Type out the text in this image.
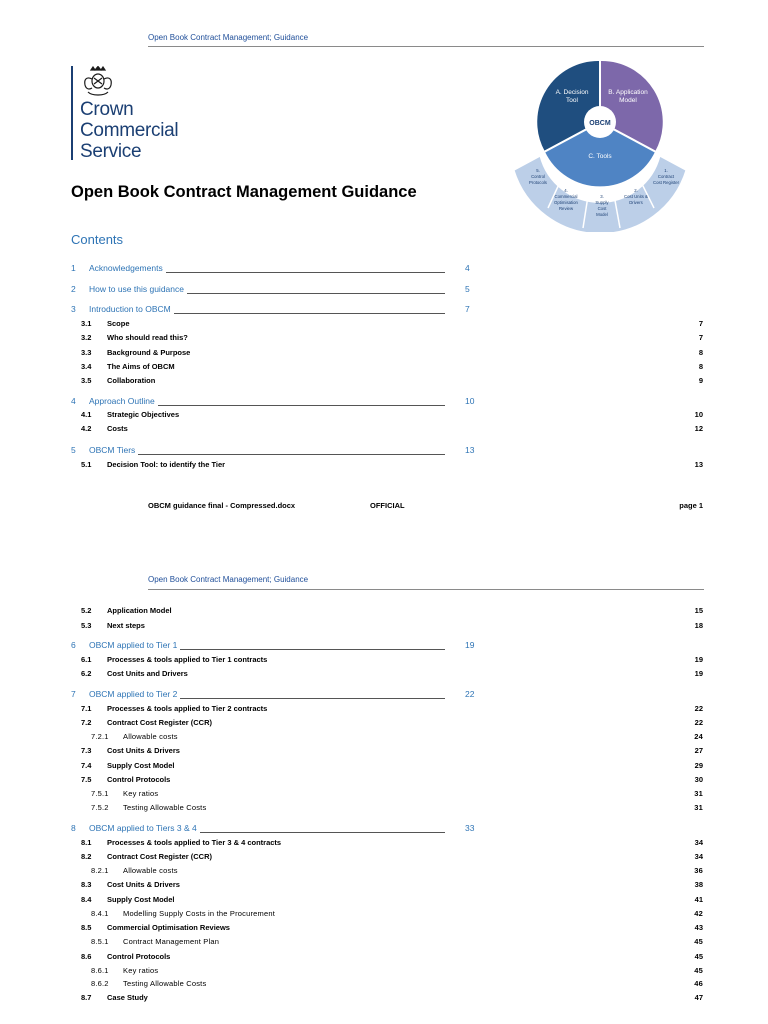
Open Book Contract Management; Guidance
Crown
Commercial
Service
Open Book Contract Management Guidance
Contents
OBCM
A. Decision
Tool
B. Application
Model
C. Tools
5.
Control
Protocols
4.
Commercial
Optimisation
Review
3.
Supply
Cost
Model
2.
Cost Units &
Drivers
1.
Contract
Cost Register
1 Acknowledgements	4
2 How to use this guidance	5
3 Introduction to OBCM	7
3.1 Scope	7
3.2 Who should read this?	7
3.3 Background & Purpose	8
3.4 The Aims of OBCM	8
3.5 Collaboration	9
4 Approach Outline	10
4.1 Strategic Objectives	10
4.2 Costs	12
5 OBCM Tiers	13
5.1 Decision Tool: to identify the Tier	13
OBCM guidance final - Compressed.docx	OFFICIAL	page 1
Open Book Contract Management; Guidance
5.2 Application Model	15
5.3 Next steps	18
6 OBCM applied to Tier 1	19
6.1 Processes & tools applied to Tier 1 contracts	19
6.2 Cost Units and Drivers	19
7 OBCM applied to Tier 2	22
7.1 Processes & tools applied to Tier 2 contracts	22
7.2 Contract Cost Register (CCR)	22
7.2.1 Allowable costs	24
7.3 Cost Units & Drivers	27
7.4 Supply Cost Model	29
7.5 Control Protocols	30
7.5.1 Key ratios	31
7.5.2 Testing Allowable Costs	31
8 OBCM applied to Tiers 3 & 4	33
8.1 Processes & tools applied to Tier 3 & 4 contracts	34
8.2 Contract Cost Register (CCR)	34
8.2.1 Allowable costs	36
8.3 Cost Units & Drivers	38
8.4 Supply Cost Model	41
8.4.1 Modelling Supply Costs in the Procurement	42
8.5 Commercial Optimisation Reviews	43
8.5.1 Contract Management Plan	45
8.6 Control Protocols	45
8.6.1 Key ratios	45
8.6.2 Testing Allowable Costs	46
8.7 Case Study	47
